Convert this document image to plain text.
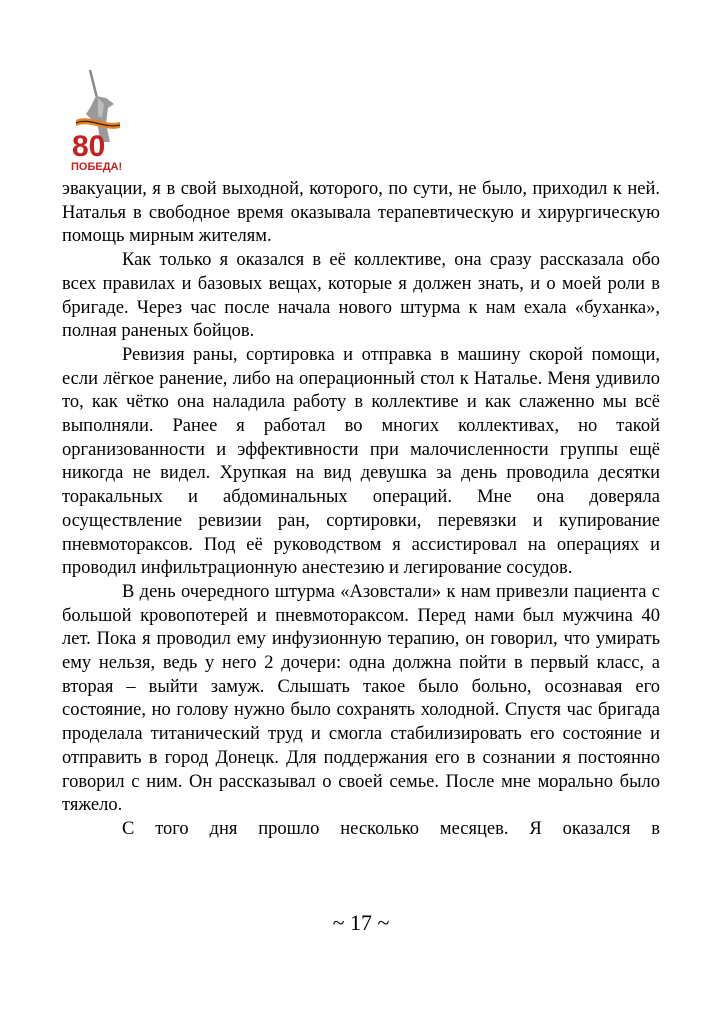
80
ПОБЕДА!

эвакуации, я в свой выходной, которого, по сути, не было, приходил к ней. Наталья в свободное время оказывала терапевтическую и хирургическую помощь мирным жителям.

Как только я оказался в её коллективе, она сразу рассказала обо всех правилах и базовых вещах, которые я должен знать, и о моей роли в бригаде. Через час после начала нового штурма к нам ехала «буханка», полная раненых бойцов.

Ревизия раны, сортировка и отправка в машину скорой помощи, если лёгкое ранение, либо на операционный стол к Наталье. Меня удивило то, как чётко она наладила работу в коллективе и как слаженно мы всё выполняли. Ранее я работал во многих коллективах, но такой организованности и эффективности при малочисленности группы ещё никогда не видел. Хрупкая на вид девушка за день проводила десятки торакальных и абдоминальных операций. Мне она доверяла осуществление ревизии ран, сортировки, перевязки и купирование пневмотораксов. Под её руководством я ассистировал на операциях и проводил инфильтрационную анестезию и легирование сосудов.

В день очередного штурма «Азовстали» к нам привезли пациента с большой кровопотерей и пневмотораксом. Перед нами был мужчина 40 лет. Пока я проводил ему инфузионную терапию, он говорил, что умирать ему нельзя, ведь у него 2 дочери: одна должна пойти в первый класс, а вторая – выйти замуж. Слышать такое было больно, осознавая его состояние, но голову нужно было сохранять холодной. Спустя час бригада проделала титанический труд и смогла стабилизировать его состояние и отправить в город Донецк. Для поддержания его в сознании я постоянно говорил с ним. Он рассказывал о своей семье. После мне морально было тяжело.

С того дня прошло несколько месяцев. Я оказался в

~ 17 ~
